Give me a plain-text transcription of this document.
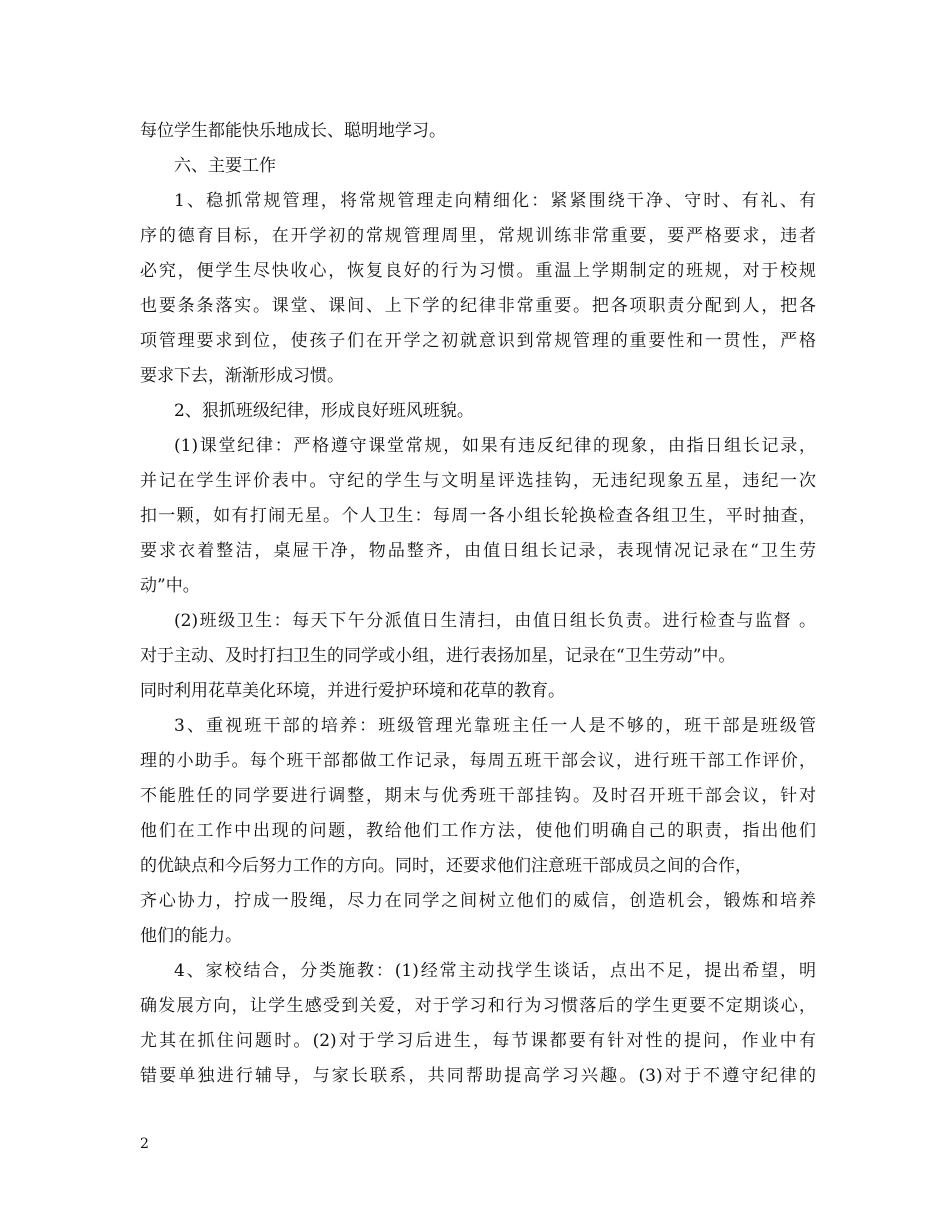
每位学生都能快乐地成长、聪明地学习。
六、主要工作
1、稳抓常规管理，将常规管理走向精细化：紧紧围绕干净、守时、有礼、有
序的德育目标，在开学初的常规管理周里，常规训练非常重要，要严格要求，违者
必究，便学生尽快收心，恢复良好的行为习惯。重温上学期制定的班规，对于校规
也要条条落实。课堂、课间、上下学的纪律非常重要。把各项职责分配到人，把各
项管理要求到位，使孩子们在开学之初就意识到常规管理的重要性和一贯性，严格
要求下去，渐渐形成习惯。
2、狠抓班级纪律，形成良好班风班貌。
(1)课堂纪律：严格遵守课堂常规，如果有违反纪律的现象，由指日组长记录，
并记在学生评价表中。守纪的学生与文明星评选挂钩，无违纪现象五星，违纪一次
扣一颗，如有打闹无星。个人卫生：每周一各小组长轮换检查各组卫生，平时抽查，
要求衣着整洁，桌屉干净，物品整齐，由值日组长记录，表现情况记录在“卫生劳
动”中。
(2)班级卫生：每天下午分派值日生清扫，由值日组长负责。进行检查与监督 。
对于主动、及时打扫卫生的同学或小组，进行表扬加星，记录在“卫生劳动”中。
同时利用花草美化环境，并进行爱护环境和花草的教育。
3、重视班干部的培养：班级管理光靠班主任一人是不够的，班干部是班级管
理的小助手。每个班干部都做工作记录，每周五班干部会议，进行班干部工作评价，
不能胜任的同学要进行调整，期末与优秀班干部挂钩。及时召开班干部会议，针对
他们在工作中出现的问题，教给他们工作方法，使他们明确自己的职责，指出他们
的优缺点和今后努力工作的方向。同时，还要求他们注意班干部成员之间的合作，
齐心协力，拧成一股绳，尽力在同学之间树立他们的威信，创造机会，锻炼和培养
他们的能力。
4、家校结合，分类施教：(1)经常主动找学生谈话，点出不足，提出希望，明
确发展方向，让学生感受到关爱，对于学习和行为习惯落后的学生更要不定期谈心，
尤其在抓住问题时。(2)对于学习后进生，每节课都要有针对性的提问，作业中有
错要单独进行辅导，与家长联系，共同帮助提高学习兴趣。(3)对于不遵守纪律的
2
